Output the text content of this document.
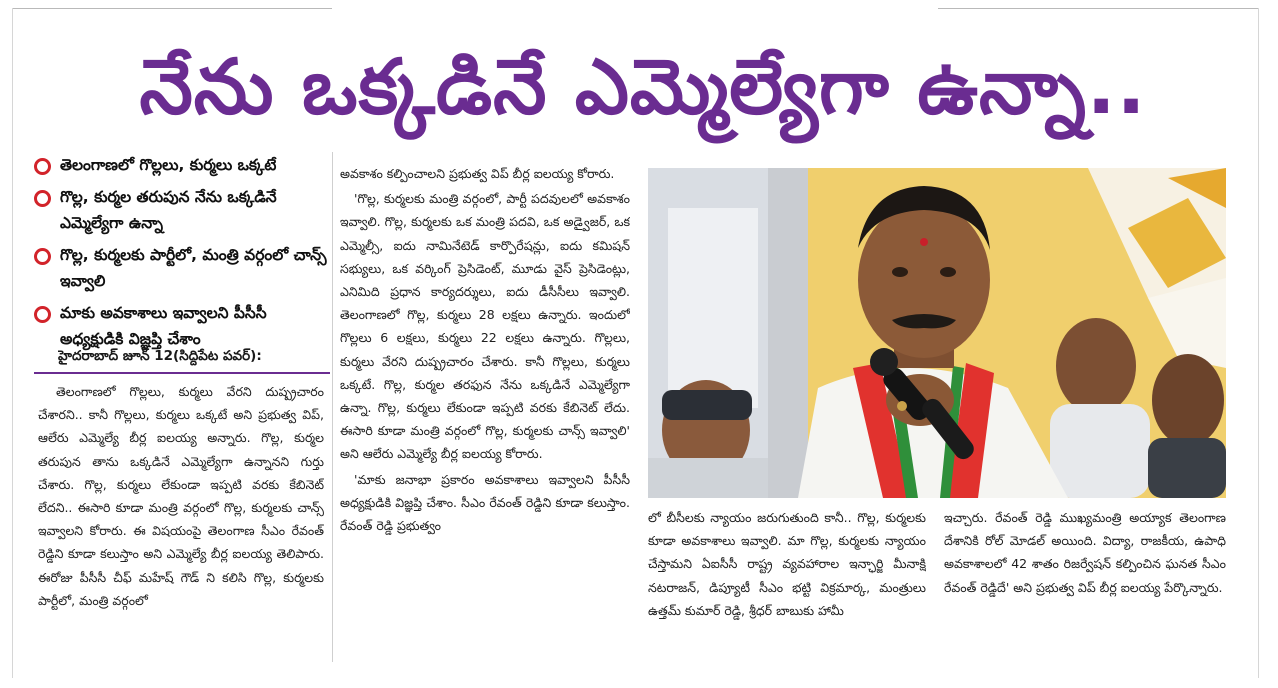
నేను ఒక్కడినే ఎమ్మెల్యేగా ఉన్నా..
తెలంగాణలో గొల్లలు, కుర్మలు ఒక్కటే
గొల్ల, కుర్మల తరుపున నేను ఒక్కడినే ఎమ్మెల్యేగా ఉన్నా
గొల్ల, కుర్మలకు పార్టీలో, మంత్రి వర్గంలో చాన్స్ ఇవ్వాలి
మాకు అవకాశాలు ఇవ్వాలని పీసీసీ అధ్యక్షుడికి విజ్ఞప్తి చేశాం
హైదరాబాద్ జూన్ 12(సిద్దిపేట పవర్):

తెలంగాణలో గొల్లలు, కుర్మలు వేరని దుష్ప్రచారం చేశారని.. కానీ గొల్లలు, కుర్మలు ఒక్కటే అని ప్రభుత్వ విప్, ఆలేరు ఎమ్మెల్యే బీర్ల ఐలయ్య అన్నారు. గొల్ల, కుర్మల తరుపున తాను ఒక్కడినే ఎమ్మెల్యేగా ఉన్నానని గుర్తు చేశారు. గొల్ల, కుర్మలు లేకుండా ఇప్పటి వరకు కేబినెట్ లేదని.. ఈసారి కూడా మంత్రి వర్గంలో గొల్ల, కుర్మలకు చాన్స్ ఇవ్వాలని కోరారు. ఈ విషయంపై తెలంగాణ సీఎం రేవంత్ రెడ్డిని కూడా కలుస్తాం అని ఎమ్మెల్యే బీర్ల ఐలయ్య తెలిపారు. ఈరోజు పీసీసీ చీఫ్ మహేష్ గౌడ్ ని కలిసి గొల్ల, కుర్మలకు పార్టీలో, మంత్రి వర్గంలో

అవకాశం కల్పించాలని ప్రభుత్వ విప్ బీర్ల ఐలయ్య కోరారు.

'గొల్ల, కుర్మలకు మంత్రి వర్గంలో, పార్టీ పదవులలో అవకాశం ఇవ్వాలి. గొల్ల, కుర్మలకు ఒక మంత్రి పదవి, ఒక అడ్వైజర్, ఒక ఎమ్మెల్సీ, ఐదు నామినేటెడ్ కార్పొరేషన్లు, ఐదు కమిషన్ సభ్యులు, ఒక వర్కింగ్ ప్రెసిడెంట్, మూడు వైస్ ప్రెసిడెంట్లు, ఎనిమిది ప్రధాన కార్యదర్శులు, ఐదు డీసీసీలు ఇవ్వాలి. తెలంగాణలో గొల్ల, కుర్మలు 28 లక్షలు ఉన్నారు. ఇందులో గొల్లలు 6 లక్షలు, కుర్మలు 22 లక్షలు ఉన్నారు. గొల్లలు, కుర్మలు వేరని దుష్ప్రచారం చేశారు. కానీ గొల్లలు, కుర్మలు ఒక్కటే. గొల్ల, కుర్మల తరఫున నేను ఒక్కడినే ఎమ్మెల్యేగా ఉన్నా. గొల్ల, కుర్మలు లేకుండా ఇప్పటి వరకు కేబినెట్ లేదు. ఈసారి కూడా మంత్రి వర్గంలో గొల్ల, కుర్మలకు చాన్స్ ఇవ్వాలి' అని ఆలేరు ఎమ్మెల్యే బీర్ల ఐలయ్య కోరారు.

'మాకు జనాభా ప్రకారం అవకాశాలు ఇవ్వాలని పీసీసీ అధ్యక్షుడికి విజ్ఞప్తి చేశాం. సీఎం రేవంత్ రెడ్డిని కూడా కలుస్తాం. రేవంత్ రెడ్డి ప్రభుత్వం

లో బీసీలకు న్యాయం జరుగుతుంది కానీ.. గొల్ల, కుర్మలకు కూడా అవకాశాలు ఇవ్వాలి. మా గొల్ల, కుర్మలకు న్యాయం చేస్తామని ఏఐసీసీ రాష్ట్ర వ్యవహారాల ఇన్ఛార్జి మీనాక్షి నటరాజన్, డిప్యూటీ సీఎం భట్టి విక్రమార్క, మంత్రులు ఉత్తమ్ కుమార్ రెడ్డి, శ్రీధర్ బాబుకు హామీ

ఇచ్చారు. రేవంత్ రెడ్డి ముఖ్యమంత్రి అయ్యాక తెలంగాణ దేశానికి రోల్ మోడల్ అయింది. విద్యా, రాజకీయ, ఉపాధి అవకాశాలలో 42 శాతం రిజర్వేషన్ కల్పించిన ఘనత సీఎం రేవంత్ రెడ్డిదే' అని ప్రభుత్వ విప్ బీర్ల ఐలయ్య పేర్కొన్నారు.
